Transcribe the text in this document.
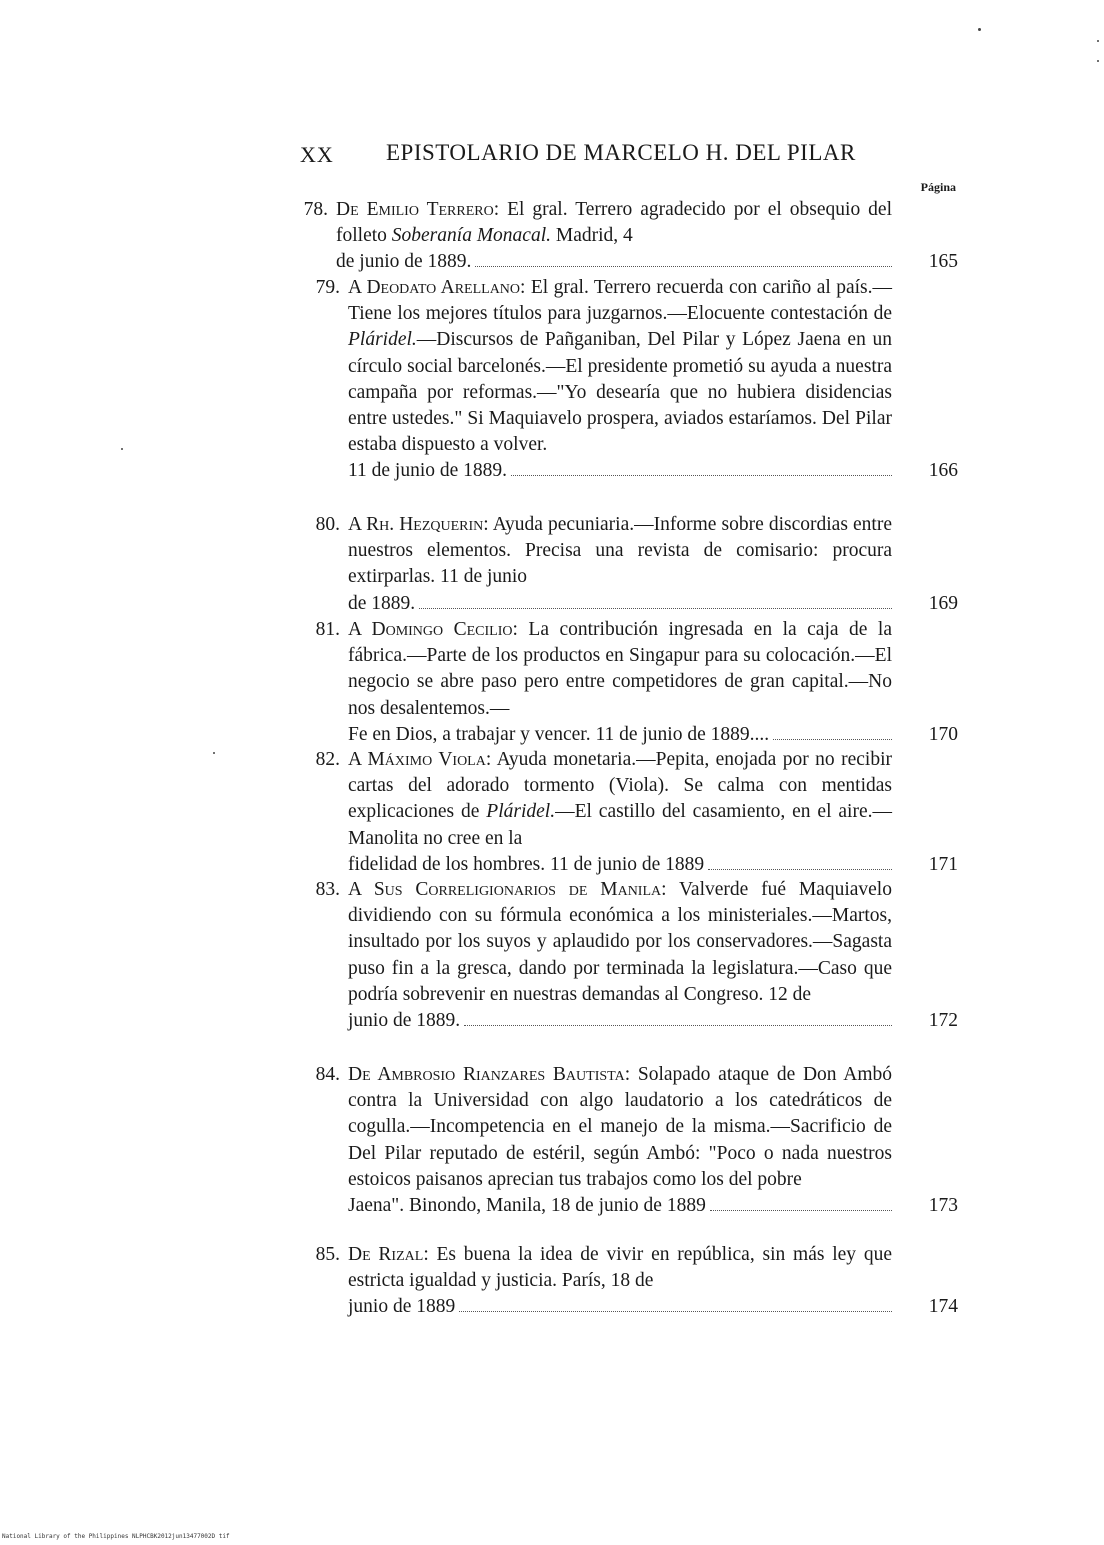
XX EPISTOLARIO DE MARCELO H. DEL PILAR
Página
78. De Emilio Terrero: El gral. Terrero agradecido por el obsequio del folleto Soberanía Monacal. Madrid, 4
de junio de 1889.	165
79. A Deodato Arellano: El gral. Terrero recuerda con cariño al país.—Tiene los mejores títulos para juzgarnos.—Elocuente contestación de Pláridel.—Discursos de Pañganiban, Del Pilar y López Jaena en un círculo social barcelonés.—El presidente prometió su ayuda a nuestra campaña por reformas.—"Yo desearía que no hubiera disidencias entre ustedes." Si Maquiavelo prospera, aviados estaríamos. Del Pilar estaba dispuesto a volver.
11 de junio de 1889.	166
80. A Rh. Hezquerin: Ayuda pecuniaria.—Informe sobre discordias entre nuestros elementos. Precisa una revista de comisario: procura extirparlas. 11 de junio
de 1889.	169
81. A Domingo Cecilio: La contribución ingresada en la caja de la fábrica.—Parte de los productos en Singapur para su colocación.—El negocio se abre paso pero entre competidores de gran capital.—No nos desalentemos.—
Fe en Dios, a trabajar y vencer. 11 de junio de 1889....	170
82. A Máximo Viola: Ayuda monetaria.—Pepita, enojada por no recibir cartas del adorado tormento (Viola). Se calma con mentidas explicaciones de Pláridel.—El castillo del casamiento, en el aire.—Manolita no cree en la
fidelidad de los hombres. 11 de junio de 1889	171
83. A Sus Correligionarios de Manila: Valverde fué Maquiavelo dividiendo con su fórmula económica a los ministeriales.—Martos, insultado por los suyos y aplaudido por los conservadores.—Sagasta puso fin a la gresca, dando por terminada la legislatura.—Caso que podría sobrevenir en nuestras demandas al Congreso. 12 de
junio de 1889.	172
84. De Ambrosio Rianzares Bautista: Solapado ataque de Don Ambó contra la Universidad con algo laudatorio a los catedráticos de cogulla.—Incompetencia en el manejo de la misma.—Sacrificio de Del Pilar reputado de estéril, según Ambó: "Poco o nada nuestros estoicos paisanos aprecian tus trabajos como los del pobre
Jaena". Binondo, Manila, 18 de junio de 1889	173
85. De Rizal: Es buena la idea de vivir en república, sin más ley que estricta igualdad y justicia. París, 18 de
junio de 1889	174
National Library of the Philippines NLPHCBK2012jun13477002D tif
